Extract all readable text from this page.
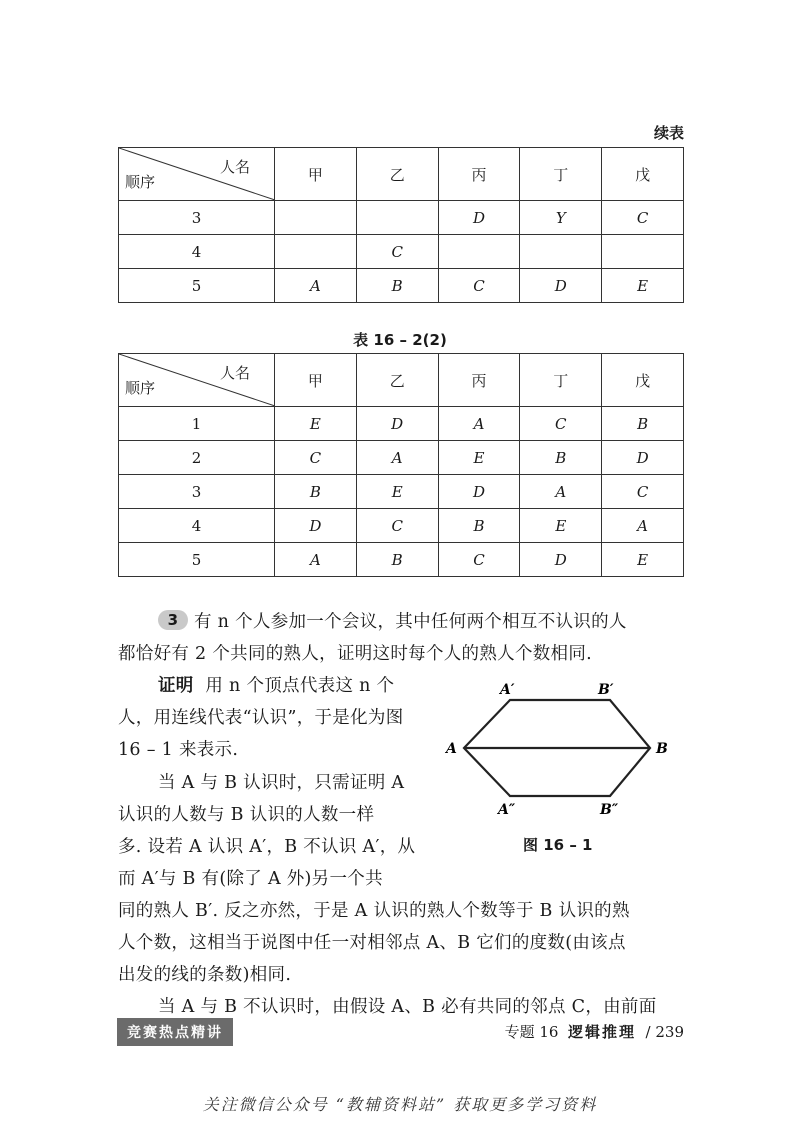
续表
人名
顺序	甲	乙	丙	丁	戊
3			D	Y	C
4		C			
5	A	B	C	D	E
表 16 – 2(2)
人名
顺序	甲	乙	丙	丁	戊
1	E	D	A	C	B
2	C	A	E	B	D
3	B	E	D	A	C
4	D	C	B	E	A
5	A	B	C	D	E
3 有 n 个人参加一个会议，其中任何两个相互不认识的人
都恰好有 2 个共同的熟人，证明这时每个人的熟人个数相同.
证明 用 n 个顶点代表这 n 个
人，用连线代表“认识”，于是化为图
16 – 1 来表示.
当 A 与 B 认识时，只需证明 A
认识的人数与 B 认识的人数一样
多. 设若 A 认识 A′，B 不认识 A′，从
而 A′与 B 有(除了 A 外)另一个共
同的熟人 B′. 反之亦然，于是 A 认识的熟人个数等于 B 认识的熟
人个数，这相当于说图中任一对相邻点 A、B 它们的度数(由该点
出发的线的条数)相同.
当 A 与 B 不认识时，由假设 A、B 必有共同的邻点 C，由前面
A′	B′
A	B
A″	B″
图 16 – 1
竞赛热点精讲	专题 16 逻辑推理 / 239
关注微信公众号 “教辅资料站” 获取更多学习资料
